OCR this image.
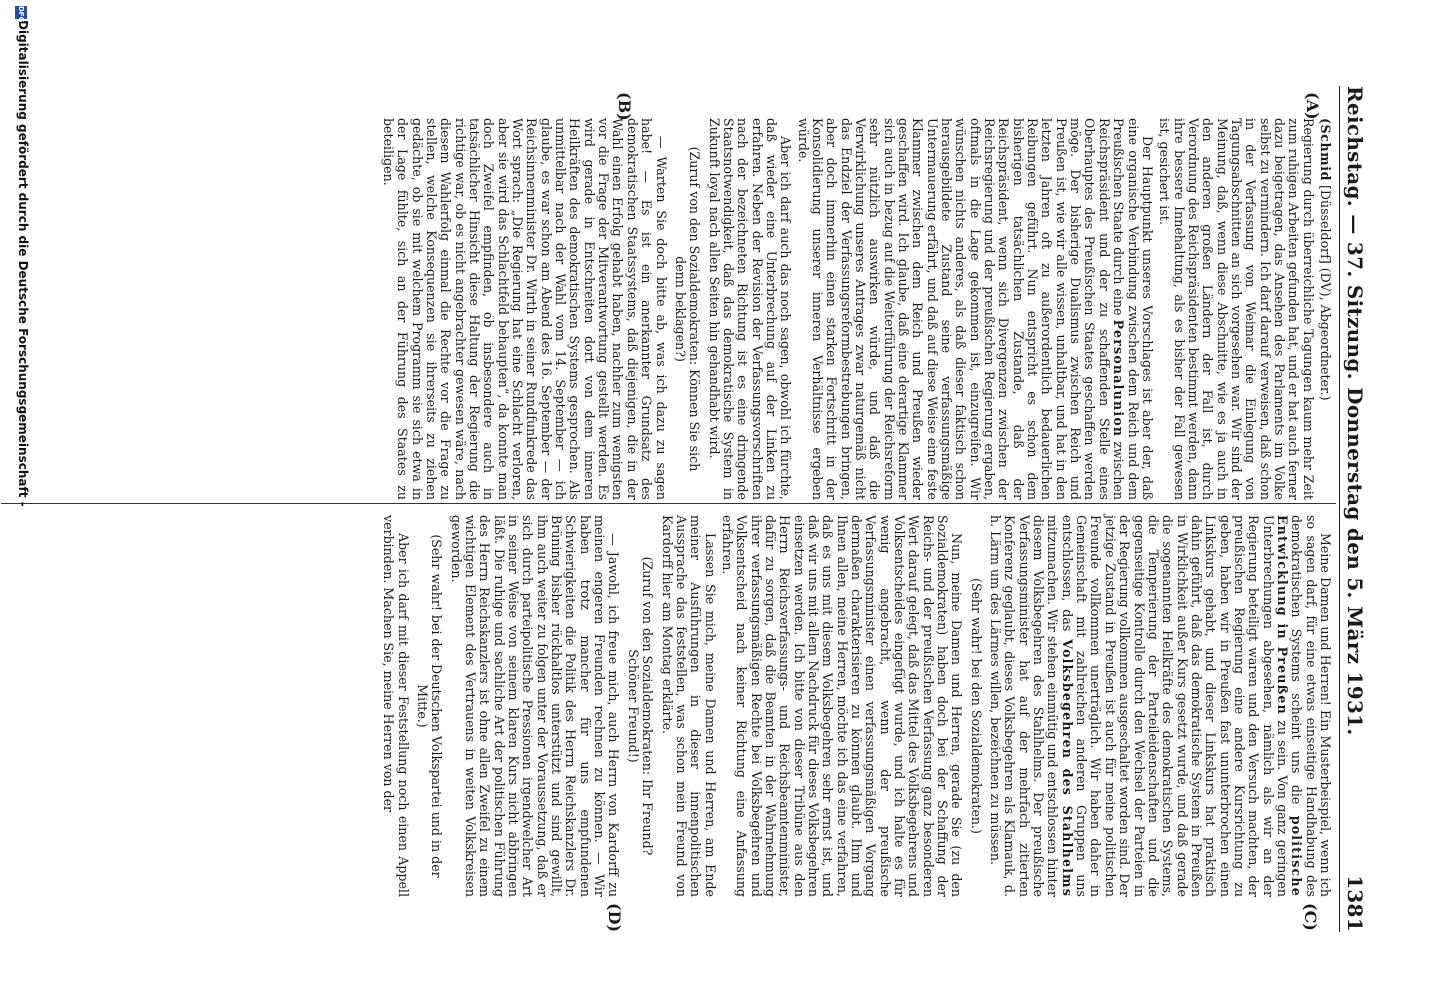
Reichstag. — 37. Sitzung. Donnerstag den 5. März 1931.
1381
(A)
(B)
(C)
(D)

(Schmid [Düsseldorf] (DV), Abgeordneter.)

Regierung durch überreichliche Tagungen kaum mehr Zeit zum ruhigen Arbeiten gefunden hat, und er hat auch ferner dazu beigetragen, das Ansehen des Parlaments im Volke selbst zu vermindern. Ich darf darauf verweisen, daß schon in der Verfassung von Weimar die Einlegung von Tagungsabschnitten an sich vorgesehen war. Wir sind der Meinung, daß, wenn diese Abschnitte, wie es ja auch in den anderen großen Ländern der Fall ist, durch Verordnung des Reichspräsidenten bestimmt werden, dann ihre bessere Innehaltung, als es bisher der Fall gewesen ist, gesichert ist.

Der Hauptpunkt unseres Vorschlages ist aber der, daß eine organische Verbindung zwischen dem Reich und dem Preußischen Staate durch eine Personalunion zwischen Reichspräsident und der zu schaffenden Stelle eines Oberhauptes des Preußischen Staates geschaffen werden möge. Der bisherige Dualismus zwischen Reich und Preußen ist, wie wir alle wissen, unhaltbar, und hat in den letzten Jahren oft zu außerordentlich bedauerlichen Reibungen geführt. Nun entspricht es schon dem bisherigen tatsächlichen Zustande, daß der Reichspräsident, wenn sich Divergenzen zwischen der Reichsregierung und der preußischen Regierung ergaben, oftmals in die Lage gekommen ist, einzugreifen. Wir wünschen nichts anderes, als daß dieser faktisch schon herausgebildete Zustand seine verfassungsmäßige Untermauerung erfährt, und daß auf diese Weise eine feste Klammer zwischen dem Reich und Preußen wieder geschaffen wird. Ich glaube, daß eine derartige Klammer sich auch in bezug auf die Weiterführung der Reichsreform sehr nützlich auswirken würde, und daß die Verwirklichung unseres Antrages zwar naturgemäß nicht das Endziel der Verfassungsreformbestrebungen bringen, aber doch immerhin einen starken Fortschritt in der Konsolidierung unserer inneren Verhältnisse ergeben würde.

Aber ich darf auch das noch sagen, obwohl ich fürchte, daß wieder eine Unterbrechung auf der Linken zu erfahren. Neben der Revision der Verfassungsvorschriften nach der bezeichneten Richtung ist es eine dringende Staatsnotwendigkeit, daß das demokratische System in Zukunft loyal nach allen Seiten hin gehandhabt wird.

(Zuruf von den Sozialdemokraten: Können Sie sich denn beklagen?)

— Warten Sie doch bitte ab, was ich dazu zu sagen habe! — Es ist ein anerkannter Grundsatz des demokratischen Staatssystems, daß diejenigen, die in der Wahl einen Erfolg gehabt haben, nachher zum wenigsten vor die Frage der Mitverantwortung gestellt werden. Es wird gerade in Entschreiten dort von dem inneren Heilkräften des demokratischen Systems gesprochen. Als unmittelbar nach der Wahl vom 14. September — ich glaube, es war schon am Abend des 16. September — der Reichsinnenminister Dr. Wirth in seiner Rundfunkrede das Wort sprach: „Die Regierung hat eine Schlacht verloren, aber sie wird das Schlachtfeld behaupten“, da konnte man doch Zweifel empfinden, ob insbesondere auch in tatsächlicher Hinsicht diese Haltung der Regierung die richtige war, ob es nicht angebrachter gewesen wäre, nach diesem Wahlerfolg einmal die Rechte vor die Frage zu stellen, welche Konsequenzen sie ihrerseits zu ziehen gedächte, ob sie mit welchem Programm sie sich etwa in der Lage fühlte, sich an der Führung des Staates zu beteiligen.

Meine Damen und Herren! Ein Musterbeispiel, wenn ich so sagen darf, für eine etwas einseitige Handhabung des demokratischen Systems scheint uns die politische Entwicklung in Preußen zu sein. Von ganz geringen Unterbrechungen abgesehen, nämlich als wir an der Regierung beteiligt waren und den Versuch machten, der preußischen Regierung eine andere Kursrichtung zu geben, haben wir in Preußen fast ununterbrochen einen Linkskurs gehabt, und dieser Linkskurs hat praktisch dahin geführt, daß das demokratische System in Preußen in Wirklichkeit außer Kurs gesetzt wurde, und daß gerade die sogenannten Heilkräfte des demokratischen Systems, die Temperierung der Parteileidenschaften und die gegenseitige Kontrolle durch den Wechsel der Parteien in der Regierung vollkommen ausgeschaltet worden sind. Der jetzige Zustand in Preußen ist auch für meine politischen Freunde vollkommen unerträglich. Wir haben daher in Gemeinschaft mit zahlreichen anderen Gruppen uns entschlossen, das Volksbegehren des Stahlhelms mitzumachen. Wir stehen einmütig und entschlossen hinter diesem Volksbegehren des Stahlhelms. Der preußische Verfassungsminister hat auf der mehrfach zitierten Konferenz geglaubt, dieses Volksbegehren als Klamauk, d. h. Lärm um des Lärmes willen, bezeichnen zu müssen.

(Sehr wahr! bei den Sozialdemokraten.)

Nun, meine Damen und Herren, gerade Sie (zu den Sozialdemokraten) haben doch bei der Schaffung der Reichs- und der preußischen Verfassung ganz besonderen Wert darauf gelegt, daß das Mittel des Volksbegehrens und Volksentscheides eingefügt wurde, und ich halte es für wenig angebracht, wenn der preußische Verfassungsminister einen verfassungsmäßigen Vorgang dermaßen charakterisieren zu können glaubt. Ihm und Ihnen allen, meine Herren, möchte ich das eine verfahren, daß es uns mit diesem Volksbegehren sehr ernst ist, und daß wir uns mit allem Nachdruck für dieses Volksbegehren einsetzen werden. Ich bitte von dieser Tribüne aus den Herrn Reichsverfassungs- und Reichsbeamtenminister, dafür zu sorgen, daß die Beamten in der Wahrnehmung ihrer verfassungsmäßigen Rechte bei Volksbegehren und Volksentscheid nach keiner Richtung eine Anfassung erfahren.

Lassen Sie mich, meine Damen und Herren, am Ende meiner Ausführungen in dieser innenpolitischen Aussprache das feststellen, was schon mein Freund von Kardorff hier am Montag erklärte.

(Zuruf von den Sozialdemokraten: Ihr Freund? Schöner Freund!)

— Jawohl, ich freue mich, auch Herrn von Kardorff zu meinen engeren Freunden rechnen zu können. — Wir haben trotz mancher für uns empfundenen Schwierigkeiten die Politik des Herrn Reichskanzlers Dr. Brüning bisher rückhaltlos unterstützt und sind gewillt, ihm auch weiter zu folgen unter der Voraussetzung, daß er sich durch parteipolitische Pressionen irgendwelcher Art in seiner Weise von seinem klaren Kurs nicht abbringen läßt. Die ruhige und sachliche Art der politischen Führung des Herrn Reichskanzlers ist ohne allen Zweifel zu einem wichtigen Element des Vertrauens in weiten Volkskreisen geworden.

(Sehr wahr! bei der Deutschen Volkspartei und in der Mitte.)

Aber ich darf mit dieser Feststellung noch einen Appell verbinden. Machen Sie, meine Herren von der

Digitalisierung gefördert durch die Deutsche Forschungsgemeinschaft -
DFG
